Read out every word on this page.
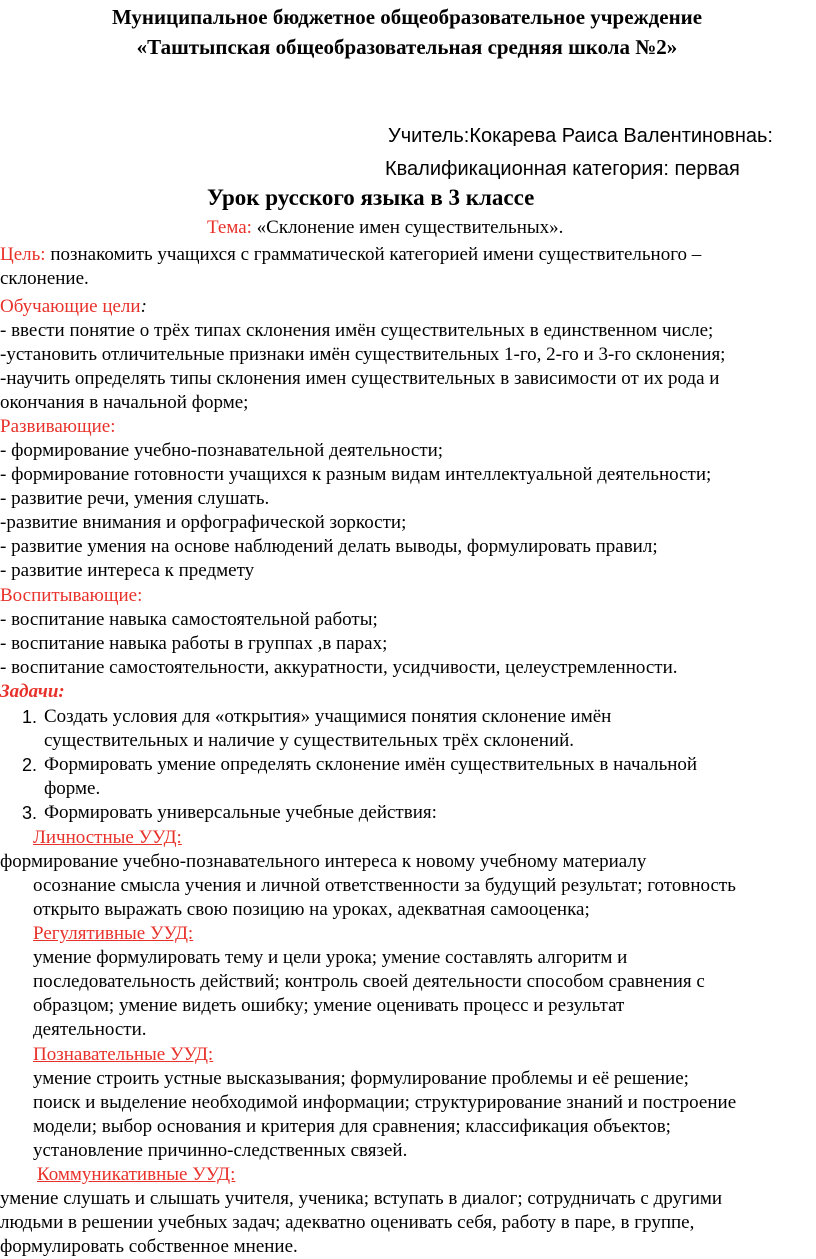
Муниципальное бюджетное общеобразовательное учреждение
«Таштыпская общеобразовательная средняя школа №2»
Учитель:Кокарева Раиса Валентиновнаь:
Квалификационная категория: первая
Урок русского языка в 3 классе
Тема: «Склонение имен существительных».
Цель: познакомить учащихся с грамматической категорией имени существительного –
склонение.
Обучающие цели:
- ввести понятие о трёх типах склонения имён существительных в единственном числе;
-установить отличительные признаки имён существительных 1-го, 2-го и 3-го склонения;
-научить определять типы склонения имен существительных в зависимости от их рода и
окончания в начальной форме;
Развивающие:
- формирование учебно-познавательной деятельности;
- формирование готовности учащихся к разным видам интеллектуальной деятельности;
- развитие речи, умения слушать.
-развитие внимания и орфографической зоркости;
- развитие умения на основе наблюдений делать выводы, формулировать правил;
- развитие интереса к предмету
Воспитывающие:
- воспитание навыка самостоятельной работы;
- воспитание навыка работы в группах ,в парах;
- воспитание самостоятельности, аккуратности, усидчивости, целеустремленности.
Задачи:
1. Создать условия для «открытия» учащимися понятия склонение имён
существительных и наличие у существительных трёх склонений.
2. Формировать умение определять склонение имён существительных в начальной
форме.
3. Формировать универсальные учебные действия:
Личностные УУД:
формирование учебно-познавательного интереса к новому учебному материалу
осознание смысла учения и личной ответственности за будущий результат; готовность
открыто выражать свою позицию на уроках, адекватная самооценка;
Регулятивные УУД:
умение формулировать тему и цели урока; умение составлять алгоритм и
последовательность действий; контроль своей деятельности способом сравнения с
образцом; умение видеть ошибку; умение оценивать процесс и результат
деятельности.
Познавательные УУД:
умение строить устные высказывания; формулирование проблемы и её решение;
поиск и выделение необходимой информации; структурирование знаний и построение
модели; выбор основания и критерия для сравнения; классификация объектов;
установление причинно-следственных связей.
Коммуникативные УУД:
умение слушать и слышать учителя, ученика; вступать в диалог; сотрудничать с другими
людьми в решении учебных задач; адекватно оценивать себя, работу в паре, в группе,
формулировать собственное мнение.
